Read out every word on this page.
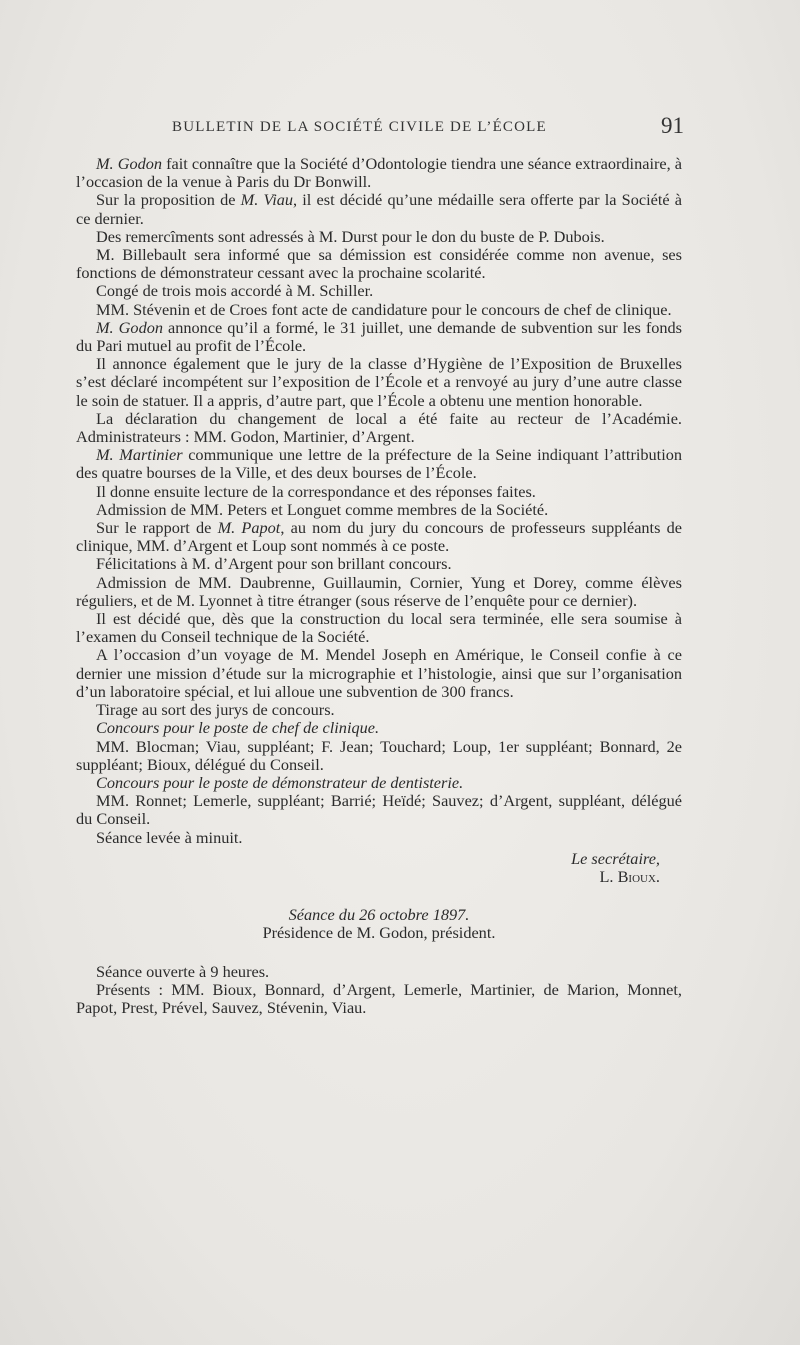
BULLETIN DE LA SOCIÉTÉ CIVILE DE L’ÉCOLE	91

M. Godon fait connaître que la Société d’Odontologie tiendra une séance extraordinaire, à l’occasion de la venue à Paris du Dr Bonwill.

Sur la proposition de M. Viau, il est décidé qu’une médaille sera offerte par la Société à ce dernier.

Des remercîments sont adressés à M. Durst pour le don du buste de P. Dubois.

M. Billebault sera informé que sa démission est considérée comme non avenue, ses fonctions de démonstrateur cessant avec la prochaine scolarité.

Congé de trois mois accordé à M. Schiller.

MM. Stévenin et de Croes font acte de candidature pour le concours de chef de clinique.

M. Godon annonce qu’il a formé, le 31 juillet, une demande de subvention sur les fonds du Pari mutuel au profit de l’École.

Il annonce également que le jury de la classe d’Hygiène de l’Exposition de Bruxelles s’est déclaré incompétent sur l’exposition de l’École et a renvoyé au jury d’une autre classe le soin de statuer. Il a appris, d’autre part, que l’École a obtenu une mention honorable.

La déclaration du changement de local a été faite au recteur de l’Académie. Administrateurs : MM. Godon, Martinier, d’Argent.

M. Martinier communique une lettre de la préfecture de la Seine indiquant l’attribution des quatre bourses de la Ville, et des deux bourses de l’École.

Il donne ensuite lecture de la correspondance et des réponses faites.

Admission de MM. Peters et Longuet comme membres de la Société.

Sur le rapport de M. Papot, au nom du jury du concours de professeurs suppléants de clinique, MM. d’Argent et Loup sont nommés à ce poste.

Félicitations à M. d’Argent pour son brillant concours.

Admission de MM. Daubrenne, Guillaumin, Cornier, Yung et Dorey, comme élèves réguliers, et de M. Lyonnet à titre étranger (sous réserve de l’enquête pour ce dernier).

Il est décidé que, dès que la construction du local sera terminée, elle sera soumise à l’examen du Conseil technique de la Société.

A l’occasion d’un voyage de M. Mendel Joseph en Amérique, le Conseil confie à ce dernier une mission d’étude sur la micrographie et l’histologie, ainsi que sur l’organisation d’un laboratoire spécial, et lui alloue une subvention de 300 francs.

Tirage au sort des jurys de concours.

Concours pour le poste de chef de clinique.

MM. Blocman; Viau, suppléant; F. Jean; Touchard; Loup, 1er suppléant; Bonnard, 2e suppléant; Bioux, délégué du Conseil.

Concours pour le poste de démonstrateur de dentisterie.

MM. Ronnet; Lemerle, suppléant; Barrié; Heïdé; Sauvez; d’Argent, suppléant, délégué du Conseil.

Séance levée à minuit.

Le secrétaire,

L. Bioux.

Séance du 26 octobre 1897.

Présidence de M. Godon, président.

Séance ouverte à 9 heures.

Présents : MM. Bioux, Bonnard, d’Argent, Lemerle, Martinier, de Marion, Monnet, Papot, Prest, Prével, Sauvez, Stévenin, Viau.
